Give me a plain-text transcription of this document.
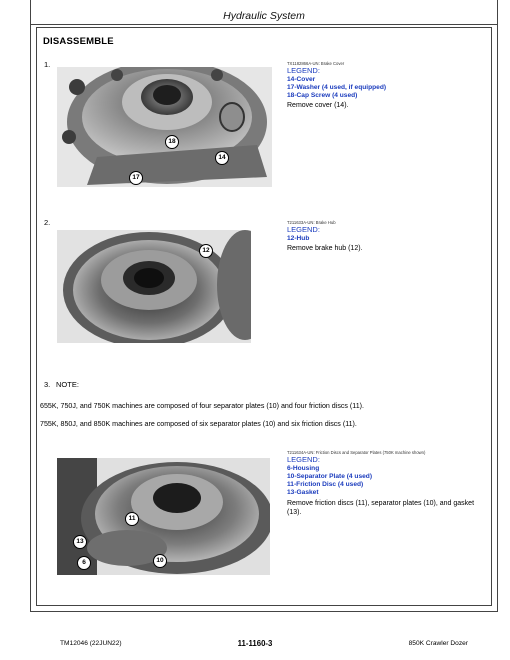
Hydraulic System
DISASSEMBLE
1.
18
14
17
TX1182866A-UN: Brake Cover
LEGEND:
14-Cover
17-Washer (4 used, if equipped)
18-Cap Screw (4 used)
Remove cover (14).
2.
12
T211633A-UN: Brake Hub
LEGEND:
12-Hub
Remove brake hub (12).
3. NOTE:
655K, 750J, and 750K machines are composed of four separator plates (10) and four friction discs (11).
755K, 850J, and 850K machines are composed of six separator plates (10) and six friction discs (11).
11
13
6	10
T211634A-UN: Friction Discs and Separator Plates (750K machine shown)
LEGEND:
6-Housing
10-Separator Plate (4 used)
11-Friction Disc (4 used)
13-Gasket
Remove friction discs (11), separator plates (10), and gasket (13).
TM12046 (22JUN22)	11-1160-3	850K Crawler Dozer
